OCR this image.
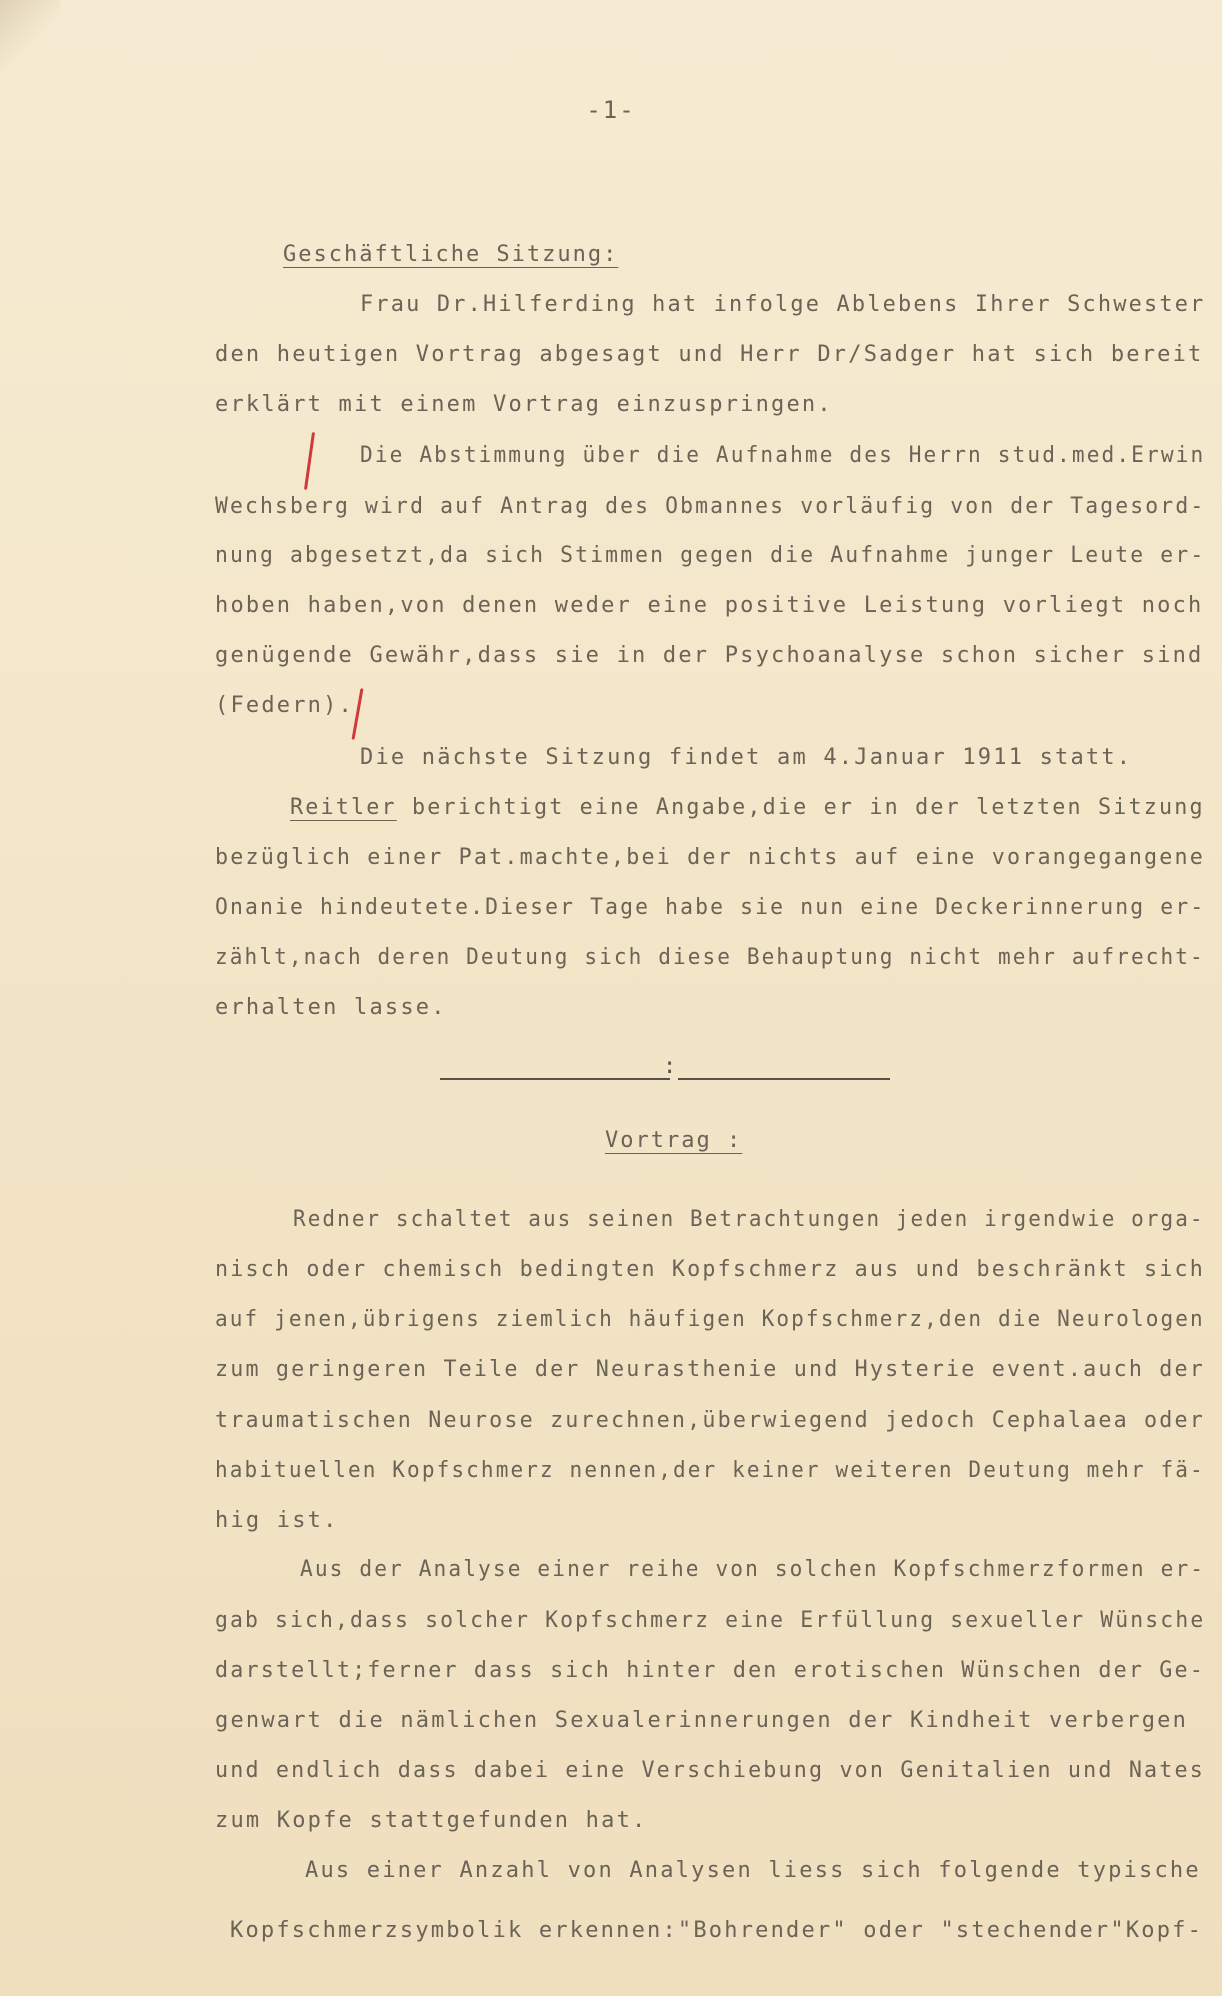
-1-
Geschäftliche Sitzung:
Frau Dr.Hilferding hat infolge Ablebens Ihrer Schwester
den heutigen Vortrag abgesagt und Herr Dr/Sadger hat sich bereit
erklärt mit einem Vortrag einzuspringen.
Die Abstimmung über die Aufnahme des Herrn stud.med.Erwin
Wechsberg wird auf Antrag des Obmannes vorläufig von der Tagesord-
nung abgesetzt,da sich Stimmen gegen die Aufnahme junger Leute er-
hoben haben,von denen weder eine positive Leistung vorliegt noch
genügende Gewähr,dass sie in der Psychoanalyse schon sicher sind
(Federn).
Die nächste Sitzung findet am 4.Januar 1911 statt.
Reitler berichtigt eine Angabe,die er in der letzten Sitzung
bezüglich einer Pat.machte,bei der nichts auf eine vorangegangene
Onanie hindeutete.Dieser Tage habe sie nun eine Deckerinnerung er-
zählt,nach deren Deutung sich diese Behauptung nicht mehr aufrecht-
erhalten lasse.
:
Vortrag :
Redner schaltet aus seinen Betrachtungen jeden irgendwie orga-
nisch oder chemisch bedingten Kopfschmerz aus und beschränkt sich
auf jenen,übrigens ziemlich häufigen Kopfschmerz,den die Neurologen
zum geringeren Teile der Neurasthenie und Hysterie event.auch der
traumatischen Neurose zurechnen,überwiegend jedoch Cephalaea oder
habituellen Kopfschmerz nennen,der keiner weiteren Deutung mehr fä-
hig ist.
Aus der Analyse einer reihe von solchen Kopfschmerzformen er-
gab sich,dass solcher Kopfschmerz eine Erfüllung sexueller Wünsche
darstellt;ferner dass sich hinter den erotischen Wünschen der Ge-
genwart die nämlichen Sexualerinnerungen der Kindheit verbergen
und endlich dass dabei eine Verschiebung von Genitalien und Nates
zum Kopfe stattgefunden hat.
Aus einer Anzahl von Analysen liess sich folgende typische
Kopfschmerzsymbolik erkennen:"Bohrender" oder "stechender"Kopf-
